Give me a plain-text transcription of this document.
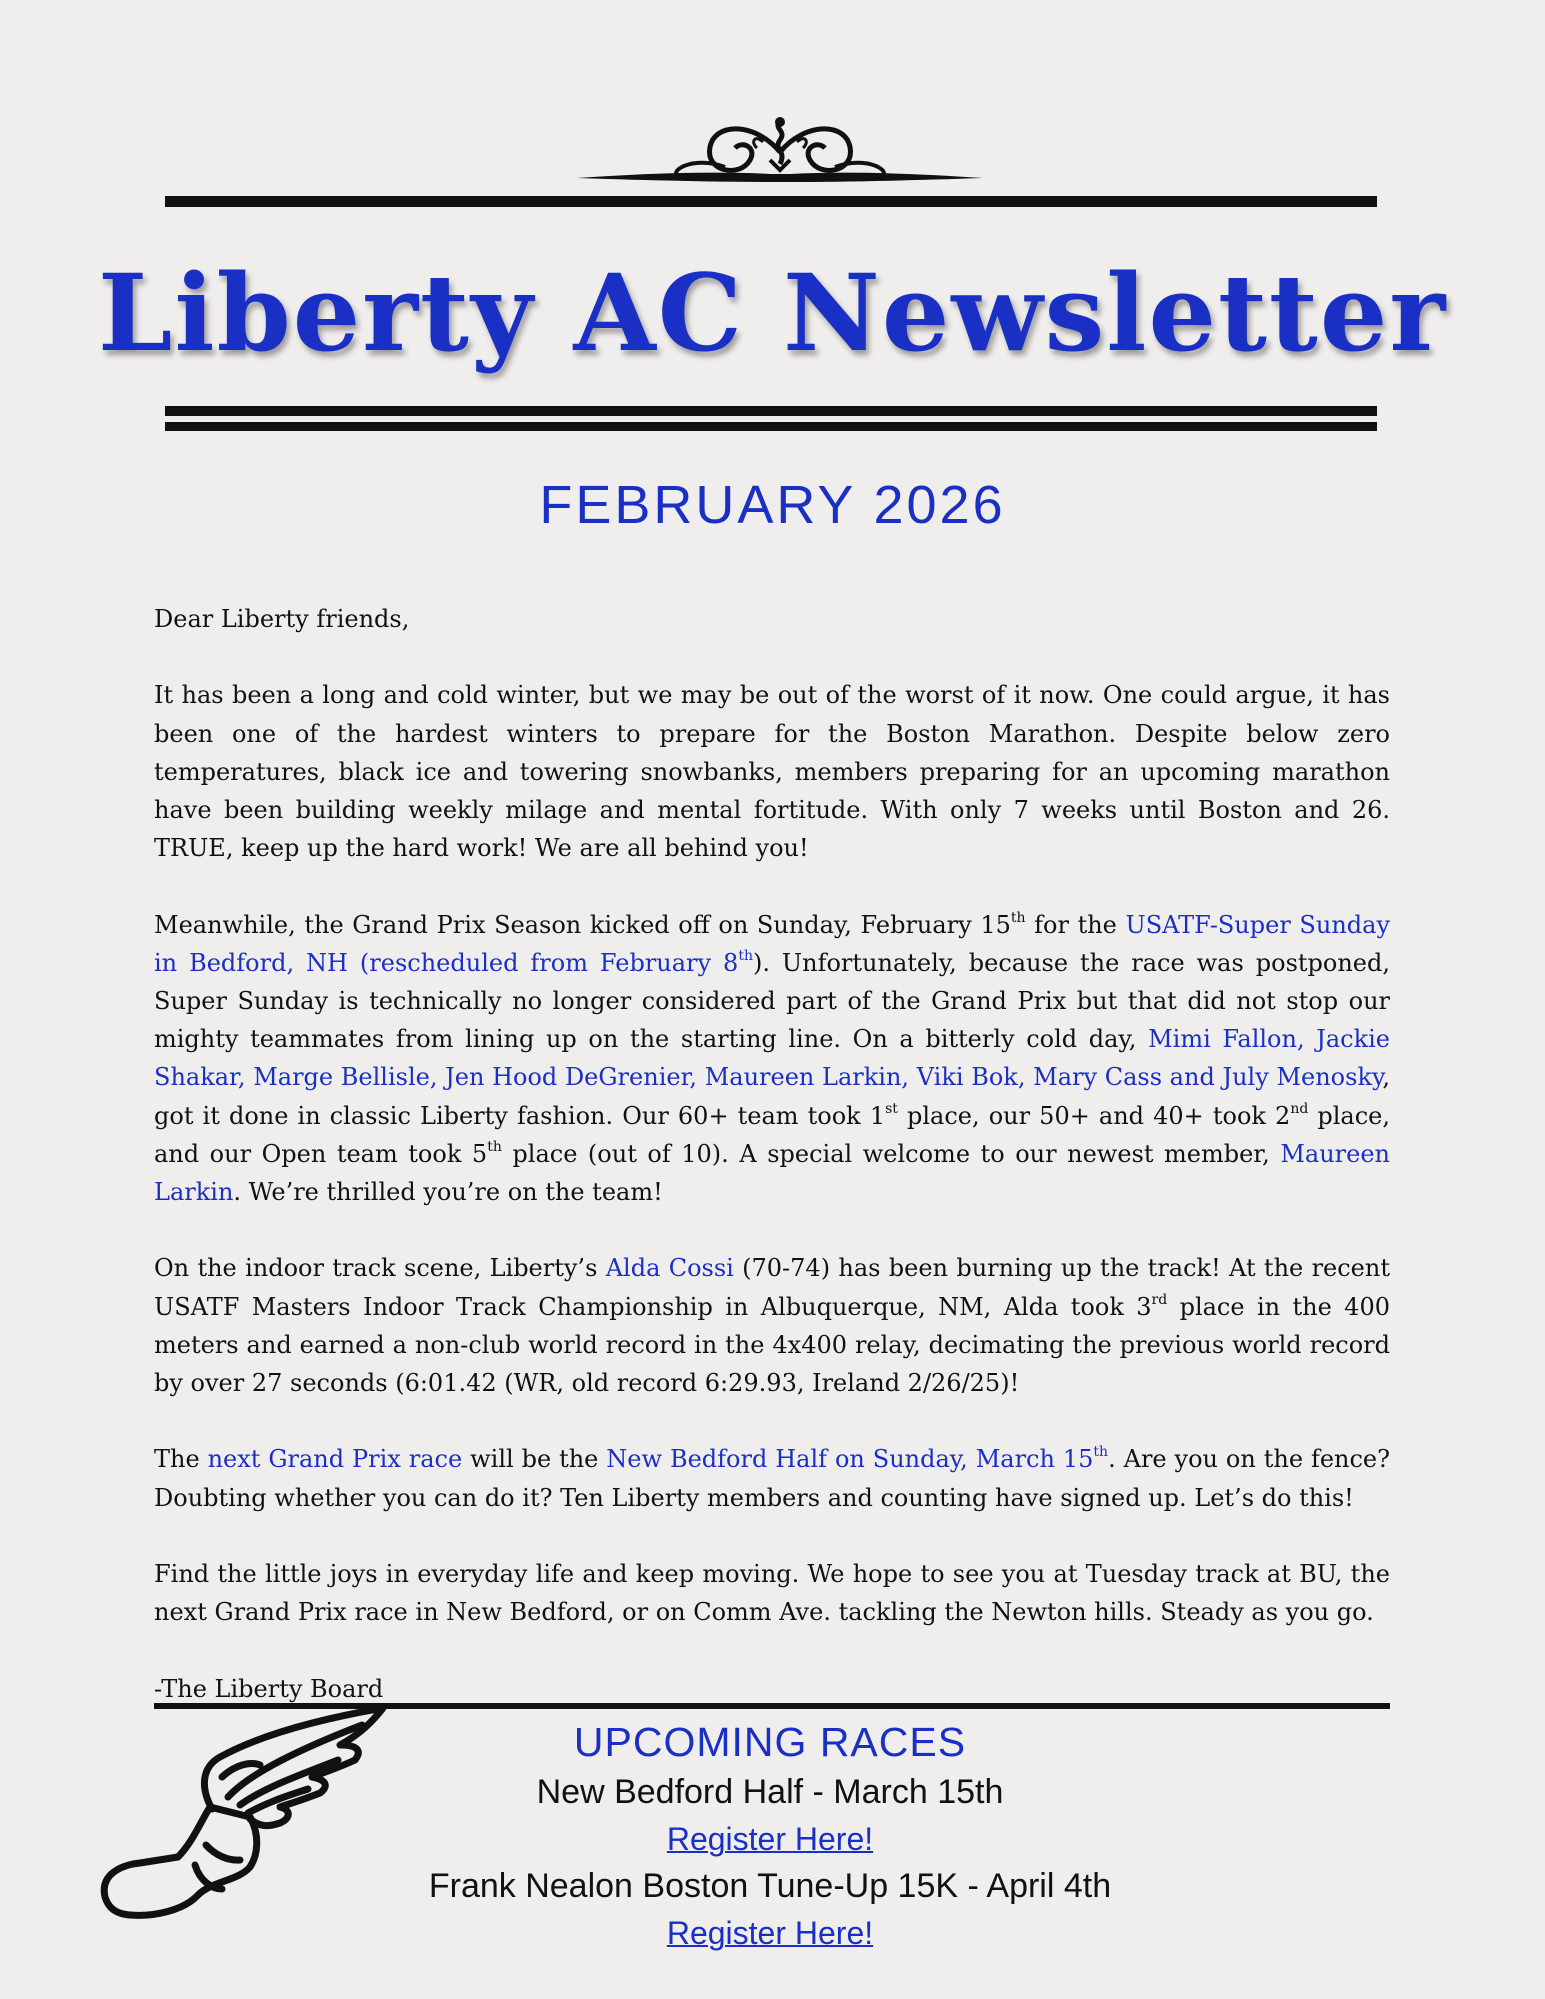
Liberty AC Newsletter
FEBRUARY 2026

Dear Liberty friends,

It has been a long and cold winter, but we may be out of the worst of it now. One could argue, it has been one of the hardest winters to prepare for the Boston Marathon. Despite below zero temperatures, black ice and towering snowbanks, members preparing for an upcoming marathon have been building weekly milage and mental fortitude. With only 7 weeks until Boston and 26. TRUE, keep up the hard work! We are all behind you!

Meanwhile, the Grand Prix Season kicked off on Sunday, February 15th for the USATF-Super Sunday in Bedford, NH (rescheduled from February 8th). Unfortunately, because the race was postponed, Super Sunday is technically no longer considered part of the Grand Prix but that did not stop our mighty teammates from lining up on the starting line. On a bitterly cold day, Mimi Fallon, Jackie Shakar, Marge Bellisle, Jen Hood DeGrenier, Maureen Larkin, Viki Bok, Mary Cass and July Menosky, got it done in classic Liberty fashion. Our 60+ team took 1st place, our 50+ and 40+ took 2nd place, and our Open team took 5th place (out of 10). A special welcome to our newest member, Maureen Larkin. We’re thrilled you’re on the team!

On the indoor track scene, Liberty’s Alda Cossi (70-74) has been burning up the track! At the recent USATF Masters Indoor Track Championship in Albuquerque, NM, Alda took 3rd place in the 400 meters and earned a non-club world record in the 4x400 relay, decimating the previous world record by over 27 seconds (6:01.42 (WR, old record 6:29.93, Ireland 2/26/25)!

The next Grand Prix race will be the New Bedford Half on Sunday, March 15th. Are you on the fence? Doubting whether you can do it? Ten Liberty members and counting have signed up. Let’s do this!

Find the little joys in everyday life and keep moving. We hope to see you at Tuesday track at BU, the next Grand Prix race in New Bedford, or on Comm Ave. tackling the Newton hills. Steady as you go.

-The Liberty Board

UPCOMING RACES
New Bedford Half - March 15th
Register Here!
Frank Nealon Boston Tune-Up 15K - April 4th
Register Here!
